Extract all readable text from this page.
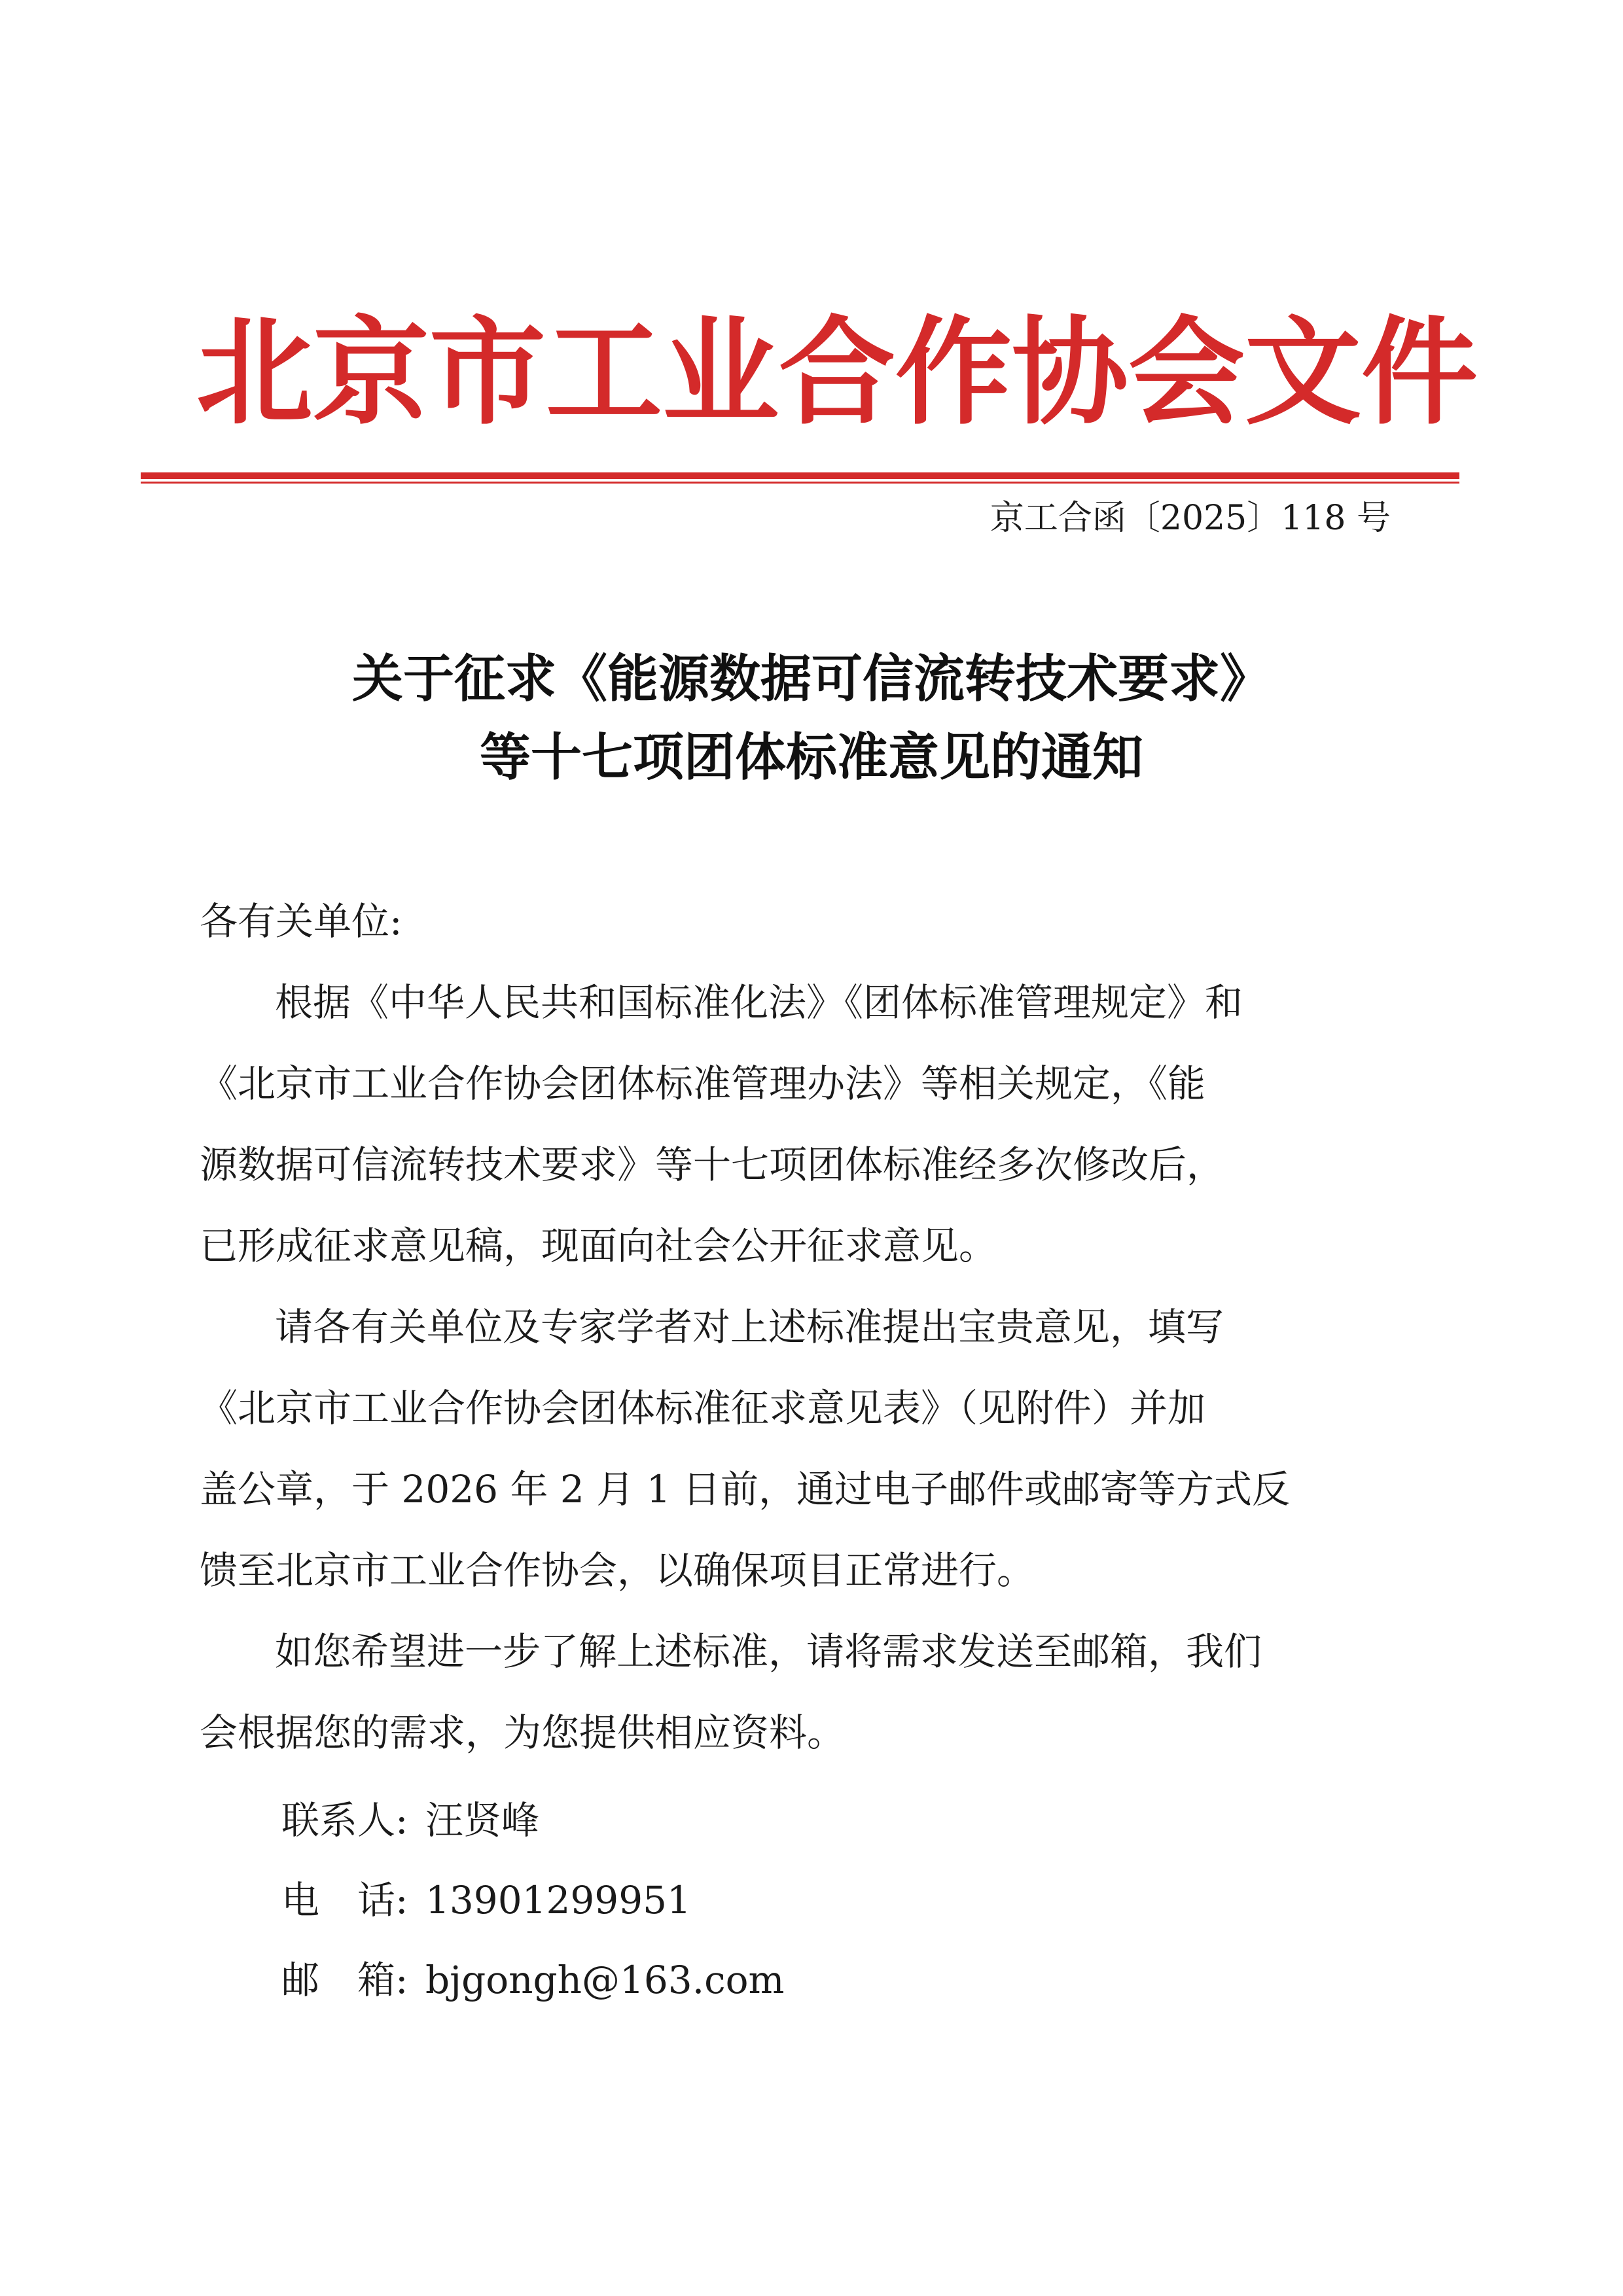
北京市工业合作协会文件
京工合函〔2025〕118 号
关于征求《能源数据可信流转技术要求》
等十七项团体标准意见的通知
各有关单位:
根据《中华人民共和国标准化法》《团体标准管理规定》和
《北京市工业合作协会团体标准管理办法》等相关规定，《能
源数据可信流转技术要求》等十七项团体标准经多次修改后，
已形成征求意见稿，现面向社会公开征求意见。
请各有关单位及专家学者对上述标准提出宝贵意见，填写
《北京市工业合作协会团体标准征求意见表》（见附件）并加
盖公章，于 2026 年 2 月 1 日前，通过电子邮件或邮寄等方式反
馈至北京市工业合作协会，以确保项目正常进行。
如您希望进一步了解上述标准，请将需求发送至邮箱，我们
会根据您的需求，为您提供相应资料。
联系人: 汪贤峰
电　话: 13901299951
邮　箱: bjgongh@163.com
